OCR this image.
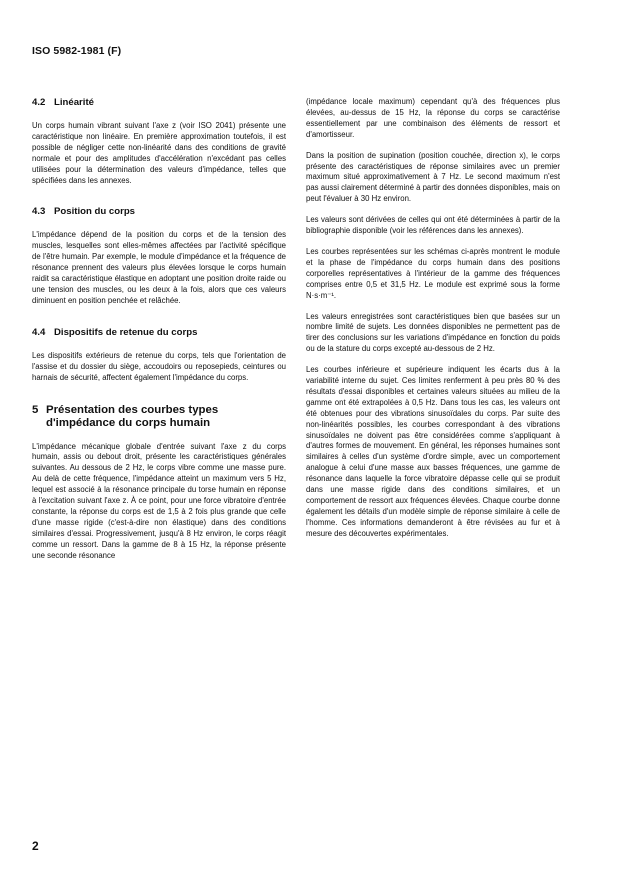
ISO 5982-1981 (F)
4.2 Linéarité

Un corps humain vibrant suivant l'axe z (voir ISO 2041) présente une caractéristique non linéaire. En première approximation toutefois, il est possible de négliger cette non-linéarité dans des conditions de gravité normale et pour des amplitudes d'accélération n'excédant pas celles utilisées pour la détermination des valeurs d'impédance, telles que spécifiées dans les annexes.

4.3 Position du corps

L'impédance dépend de la position du corps et de la tension des muscles, lesquelles sont elles-mêmes affectées par l'activité spécifique de l'être humain. Par exemple, le module d'impédance et la fréquence de résonance prennent des valeurs plus élevées lorsque le corps humain raidit sa caractéristique élastique en adoptant une position droite raide ou une tension des muscles, ou les deux à la fois, alors que ces valeurs diminuent en position penchée et relâchée.

4.4 Dispositifs de retenue du corps

Les dispositifs extérieurs de retenue du corps, tels que l'orientation de l'assise et du dossier du siège, accoudoirs ou reposepieds, ceintures ou harnais de sécurité, affectent également l'impédance du corps.

5 Présentation des courbes types d'impédance du corps humain

L'impédance mécanique globale d'entrée suivant l'axe z du corps humain, assis ou debout droit, présente les caractéristiques générales suivantes. Au dessous de 2 Hz, le corps vibre comme une masse pure. Au delà de cette fréquence, l'impédance atteint un maximum vers 5 Hz, lequel est associé à la résonance principale du torse humain en réponse à l'excitation suivant l'axe z. À ce point, pour une force vibratoire d'entrée constante, la réponse du corps est de 1,5 à 2 fois plus grande que celle d'une masse rigide (c'est-à-dire non élastique) dans des conditions similaires d'essai. Progressivement, jusqu'à 8 Hz environ, le corps réagit comme un ressort. Dans la gamme de 8 à 15 Hz, la réponse présente une seconde résonance

(impédance locale maximum) cependant qu'à des fréquences plus élevées, au-dessus de 15 Hz, la réponse du corps se caractérise essentiellement par une combinaison des éléments de ressort et d'amortisseur.

Dans la position de supination (position couchée, direction x), le corps présente des caractéristiques de réponse similaires avec un premier maximum situé approximativement à 7 Hz. Le second maximum n'est pas aussi clairement déterminé à partir des données disponibles, mais on peut l'évaluer à 30 Hz environ.

Les valeurs sont dérivées de celles qui ont été déterminées à partir de la bibliographie disponible (voir les références dans les annexes).

Les courbes représentées sur les schémas ci-après montrent le module et la phase de l'impédance du corps humain dans des positions corporelles représentatives à l'intérieur de la gamme des fréquences comprises entre 0,5 et 31,5 Hz. Le module est exprimé sous la forme N·s·m⁻¹.

Les valeurs enregistrées sont caractéristiques bien que basées sur un nombre limité de sujets. Les données disponibles ne permettent pas de tirer des conclusions sur les variations d'impédance en fonction du poids ou de la stature du corps excepté au-dessous de 2 Hz.

Les courbes inférieure et supérieure indiquent les écarts dus à la variabilité interne du sujet. Ces limites renferment à peu près 80 % des résultats d'essai disponibles et certaines valeurs situées au milieu de la gamme ont été extrapolées à 0,5 Hz. Dans tous les cas, les valeurs ont été obtenues pour des vibrations sinusoïdales du corps. Par suite des non-linéarités possibles, les courbes correspondant à des vibrations sinusoïdales ne doivent pas être considérées comme s'appliquant à d'autres formes de mouvement. En général, les réponses humaines sont similaires à celles d'un système d'ordre simple, avec un comportement analogue à celui d'une masse aux basses fréquences, une gamme de résonance dans laquelle la force vibratoire dépasse celle qui se produit dans une masse rigide dans des conditions similaires, et un comportement de ressort aux fréquences élevées. Chaque courbe donne également les détails d'un modèle simple de réponse similaire à celle de l'homme. Ces informations demanderont à être révisées au fur et à mesure des découvertes expérimentales.

2
